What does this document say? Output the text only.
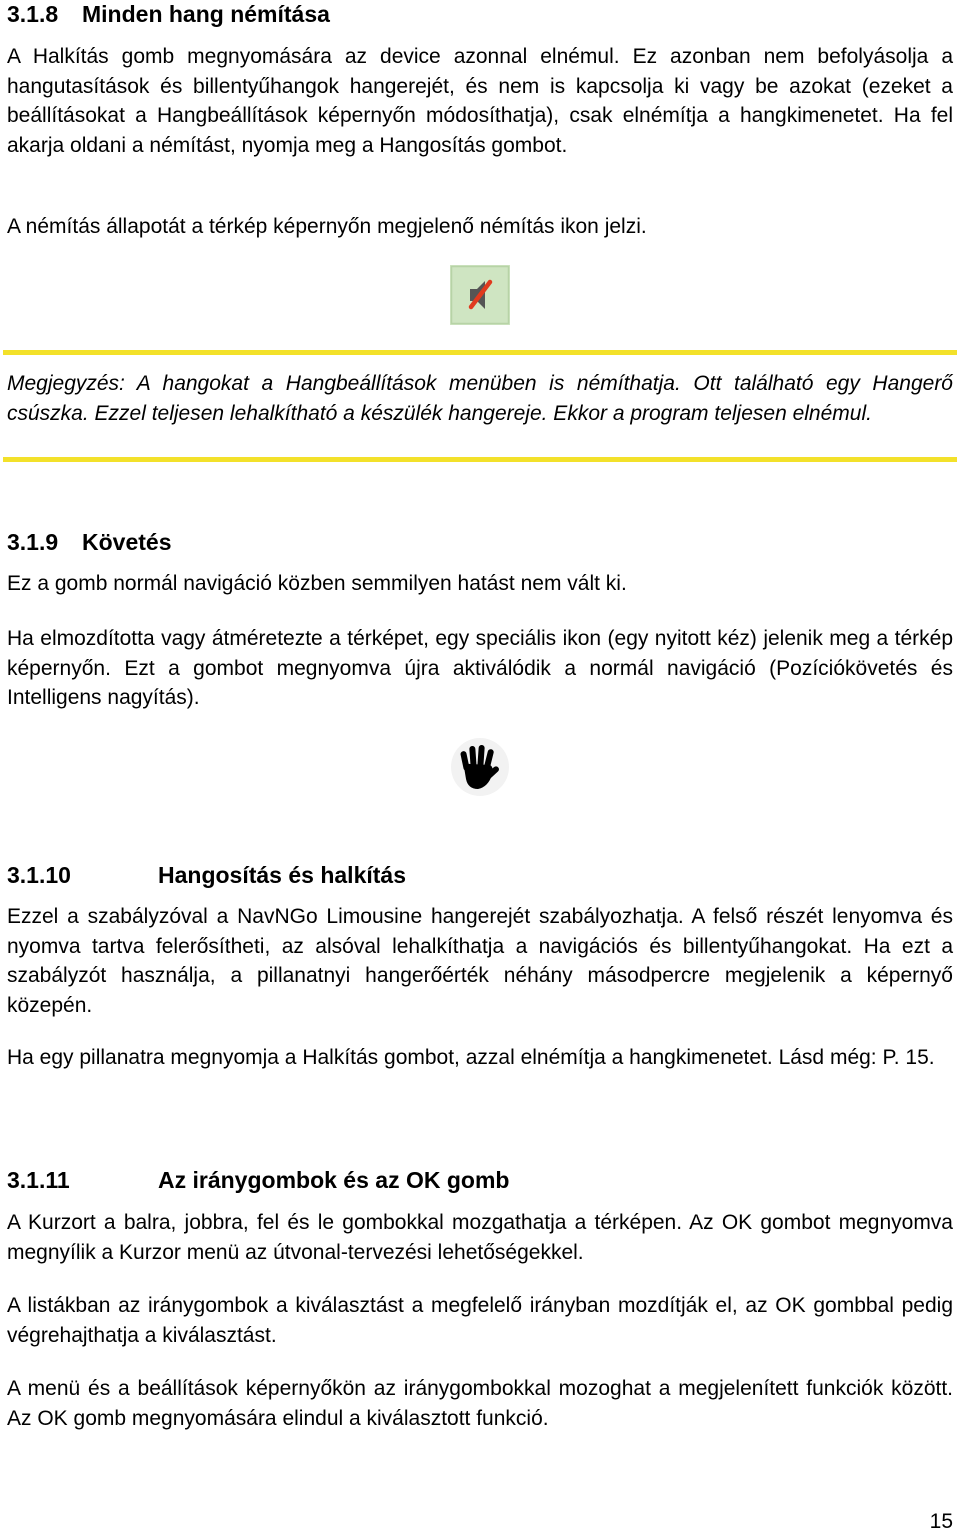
3.1.8 Minden hang némítása

A Halkítás gomb megnyomására az device azonnal elnémul. Ez azonban nem befolyásolja a hangutasítások és billentyűhangok hangerejét, és nem is kapcsolja ki vagy be azokat (ezeket a beállításokat a Hangbeállítások képernyőn módosíthatja), csak elnémítja a hangkimenetet. Ha fel akarja oldani a némítást, nyomja meg a Hangosítás gombot.

A némítás állapotát a térkép képernyőn megjelenő némítás ikon jelzi.

Megjegyzés: A hangokat a Hangbeállítások menüben is némíthatja. Ott található egy Hangerő csúszka. Ezzel teljesen lehalkítható a készülék hangereje. Ekkor a program teljesen elnémul.

3.1.9 Követés

Ez a gomb normál navigáció közben semmilyen hatást nem vált ki.

Ha elmozdította vagy átméretezte a térképet, egy speciális ikon (egy nyitott kéz) jelenik meg a térkép képernyőn. Ezt a gombot megnyomva újra aktiválódik a normál navigáció (Pozíciókövetés és Intelligens nagyítás).

3.1.10	Hangosítás és halkítás

Ezzel a szabályzóval a NavNGo Limousine hangerejét szabályozhatja. A felső részét lenyomva és nyomva tartva felerősítheti, az alsóval lehalkíthatja a navigációs és billentyűhangokat. Ha ezt a szabályzót használja, a pillanatnyi hangerőérték néhány másodpercre megjelenik a képernyő közepén.

Ha egy pillanatra megnyomja a Halkítás gombot, azzal elnémítja a hangkimenetet. Lásd még: P. 15.

3.1.11	Az iránygombok és az OK gomb

A Kurzort a balra, jobbra, fel és le gombokkal mozgathatja a térképen. Az OK gombot megnyomva megnyílik a Kurzor menü az útvonal-tervezési lehetőségekkel.

A listákban az iránygombok a kiválasztást a megfelelő irányban mozdítják el, az OK gombbal pedig végrehajthatja a kiválasztást.

A menü és a beállítások képernyőkön az iránygombokkal mozoghat a megjelenített funkciók között. Az OK gomb megnyomására elindul a kiválasztott funkció.

15
